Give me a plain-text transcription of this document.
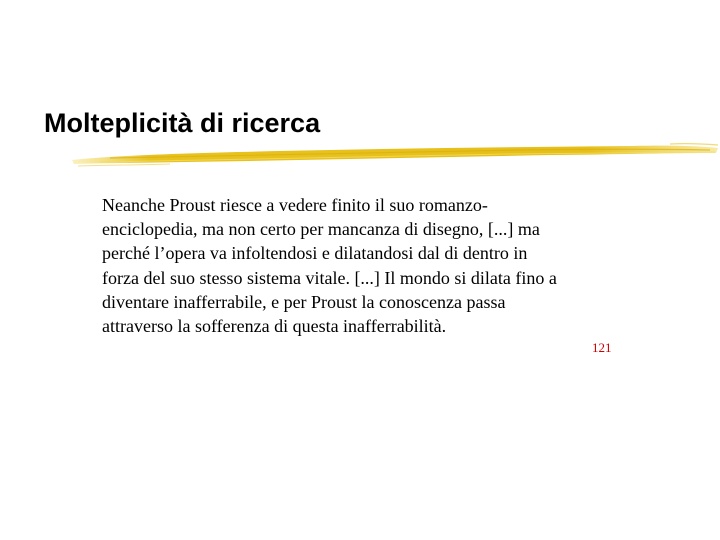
Molteplicità di ricerca

Neanche Proust riesce a vedere finito il suo romanzo-
enciclopedia, ma non certo per mancanza di disegno, [...] ma
perché l’opera va infoltendosi e dilatandosi dal di dentro in
forza del suo stesso sistema vitale. [...] Il mondo si dilata fino a
diventare inafferrabile, e per Proust la conoscenza passa
attraverso la sofferenza di questa inafferrabilità.

121
